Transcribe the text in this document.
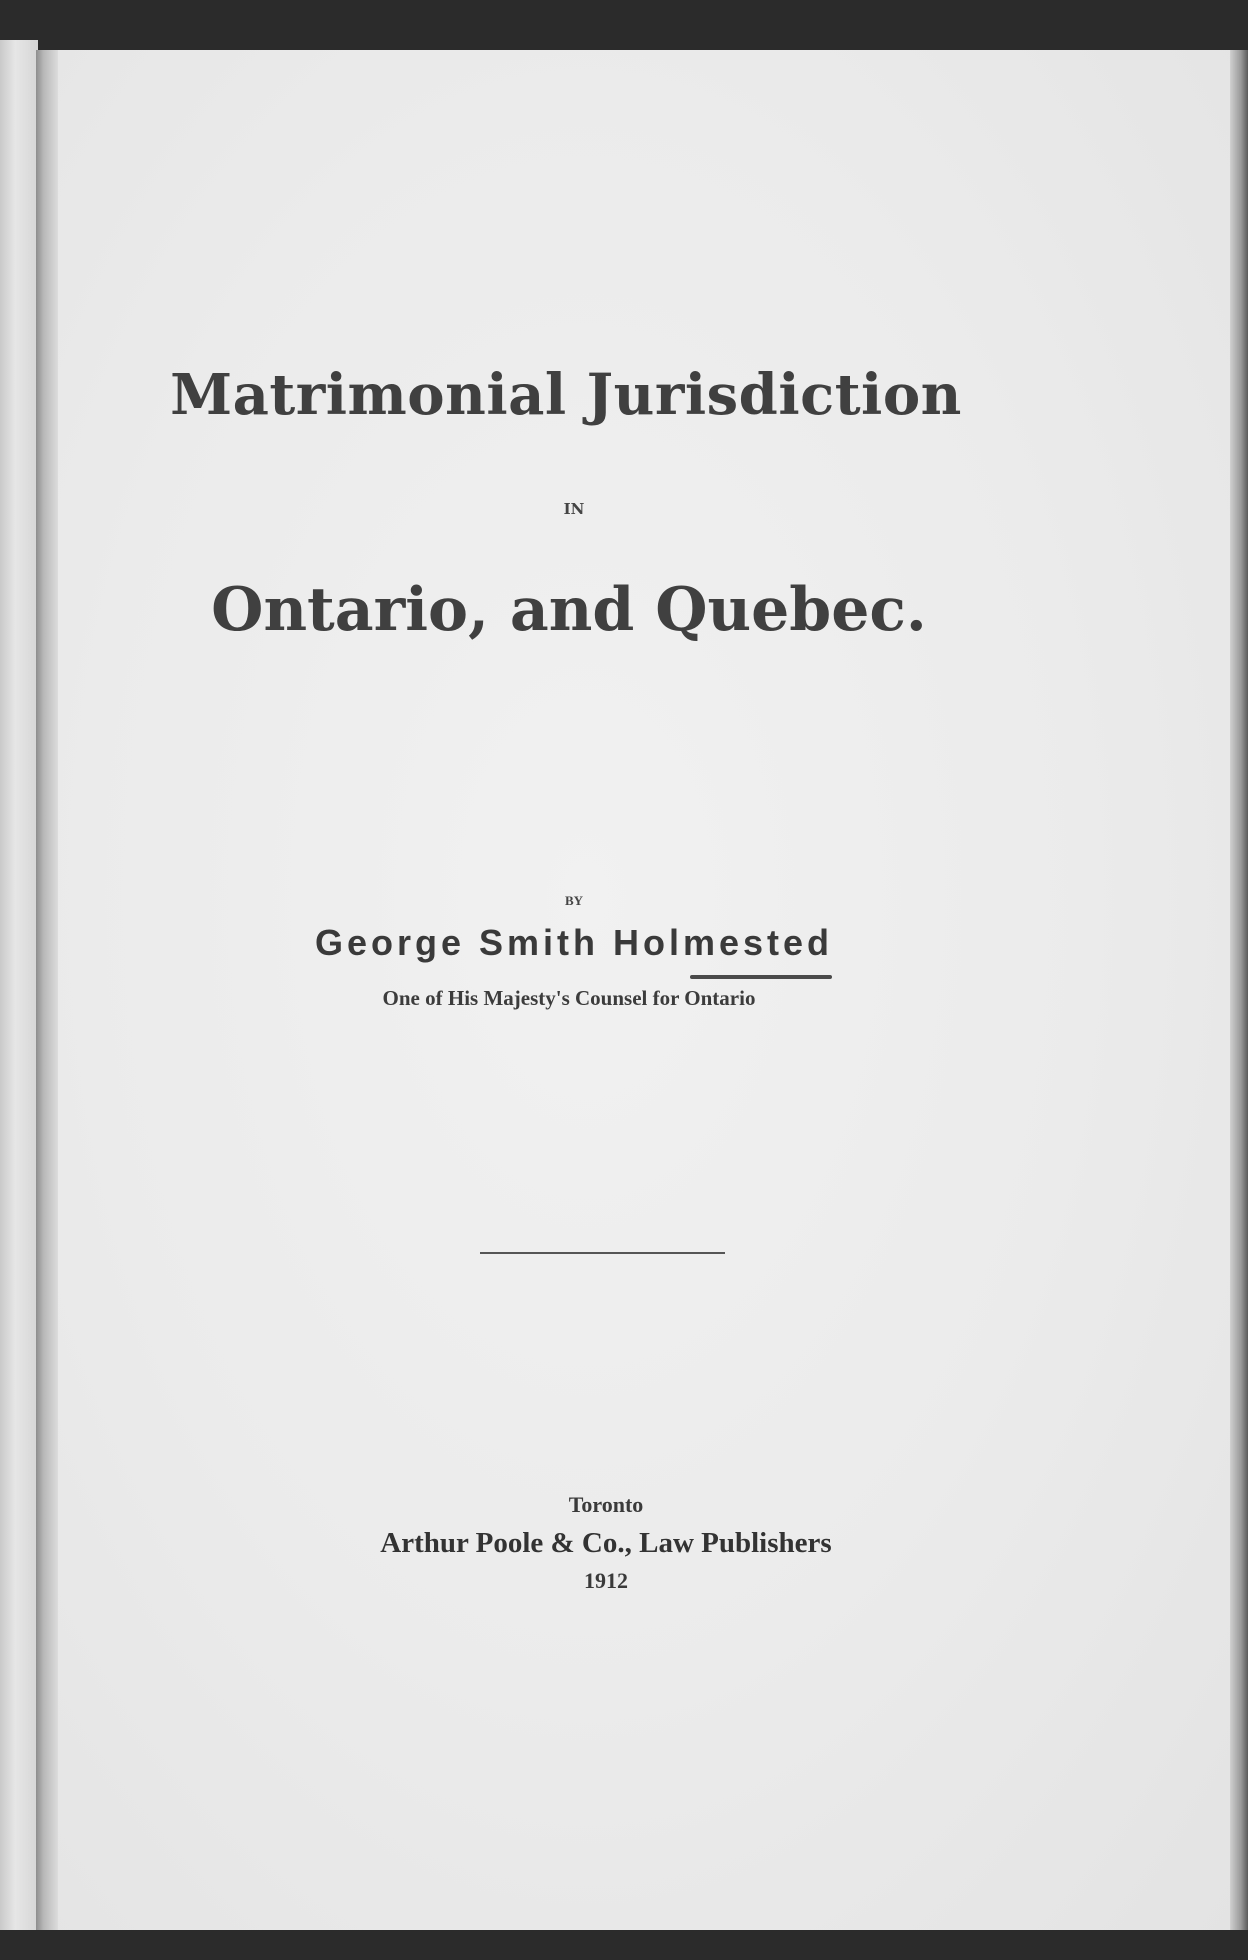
Matrimonial Jurisdiction
IN
Ontario, and Quebec.
BY
George Smith Holmested
One of His Majesty's Counsel for Ontario
Toronto
Arthur Poole & Co., Law Publishers
1912
